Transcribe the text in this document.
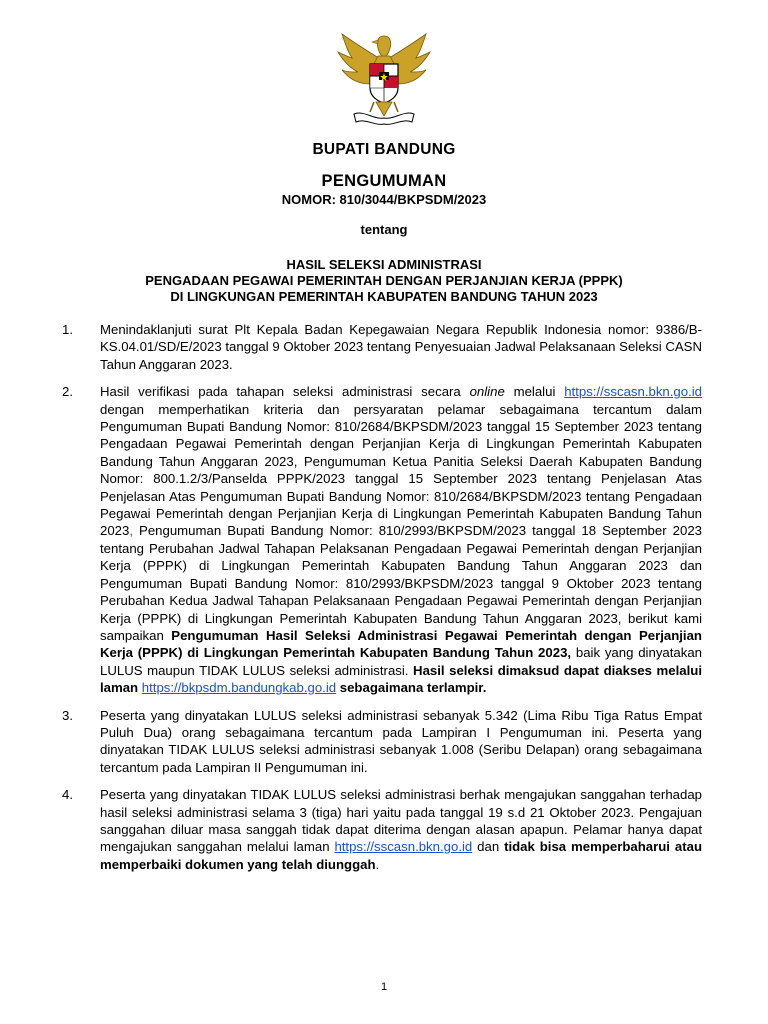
BUPATI BANDUNG
PENGUMUMAN
NOMOR: 810/3044/BKPSDM/2023
tentang
HASIL SELEKSI ADMINISTRASI
PENGADAAN PEGAWAI PEMERINTAH DENGAN PERJANJIAN KERJA (PPPK)
DI LINGKUNGAN PEMERINTAH KABUPATEN BANDUNG TAHUN 2023
1. Menindaklanjuti surat Plt Kepala Badan Kepegawaian Negara Republik Indonesia nomor: 9386/B-KS.04.01/SD/E/2023 tanggal 9 Oktober 2023 tentang Penyesuaian Jadwal Pelaksanaan Seleksi CASN Tahun Anggaran 2023.
2. Hasil verifikasi pada tahapan seleksi administrasi secara online melalui https://sscasn.bkn.go.id dengan memperhatikan kriteria dan persyaratan pelamar sebagaimana tercantum dalam Pengumuman Bupati Bandung Nomor: 810/2684/BKPSDM/2023 tanggal 15 September 2023 tentang Pengadaan Pegawai Pemerintah dengan Perjanjian Kerja di Lingkungan Pemerintah Kabupaten Bandung Tahun Anggaran 2023, Pengumuman Ketua Panitia Seleksi Daerah Kabupaten Bandung Nomor: 800.1.2/3/Panselda PPPK/2023 tanggal 15 September 2023 tentang Penjelasan Atas Penjelasan Atas Pengumuman Bupati Bandung Nomor: 810/2684/BKPSDM/2023 tentang Pengadaan Pegawai Pemerintah dengan Perjanjian Kerja di Lingkungan Pemerintah Kabupaten Bandung Tahun 2023, Pengumuman Bupati Bandung Nomor: 810/2993/BKPSDM/2023 tanggal 18 September 2023 tentang Perubahan Jadwal Tahapan Pelaksanan Pengadaan Pegawai Pemerintah dengan Perjanjian Kerja (PPPK) di Lingkungan Pemerintah Kabupaten Bandung Tahun Anggaran 2023 dan Pengumuman Bupati Bandung Nomor: 810/2993/BKPSDM/2023 tanggal 9 Oktober 2023 tentang Perubahan Kedua Jadwal Tahapan Pelaksanaan Pengadaan Pegawai Pemerintah dengan Perjanjian Kerja (PPPK) di Lingkungan Pemerintah Kabupaten Bandung Tahun Anggaran 2023, berikut kami sampaikan Pengumuman Hasil Seleksi Administrasi Pegawai Pemerintah dengan Perjanjian Kerja (PPPK) di Lingkungan Pemerintah Kabupaten Bandung Tahun 2023, baik yang dinyatakan LULUS maupun TIDAK LULUS seleksi administrasi. Hasil seleksi dimaksud dapat diakses melalui laman https://bkpsdm.bandungkab.go.id sebagaimana terlampir.
3. Peserta yang dinyatakan LULUS seleksi administrasi sebanyak 5.342 (Lima Ribu Tiga Ratus Empat Puluh Dua) orang sebagaimana tercantum pada Lampiran I Pengumuman ini. Peserta yang dinyatakan TIDAK LULUS seleksi administrasi sebanyak 1.008 (Seribu Delapan) orang sebagaimana tercantum pada Lampiran II Pengumuman ini.
4. Peserta yang dinyatakan TIDAK LULUS seleksi administrasi berhak mengajukan sanggahan terhadap hasil seleksi administrasi selama 3 (tiga) hari yaitu pada tanggal 19 s.d 21 Oktober 2023. Pengajuan sanggahan diluar masa sanggah tidak dapat diterima dengan alasan apapun. Pelamar hanya dapat mengajukan sanggahan melalui laman https://sscasn.bkn.go.id dan tidak bisa memperbaharui atau memperbaiki dokumen yang telah diunggah.
1
